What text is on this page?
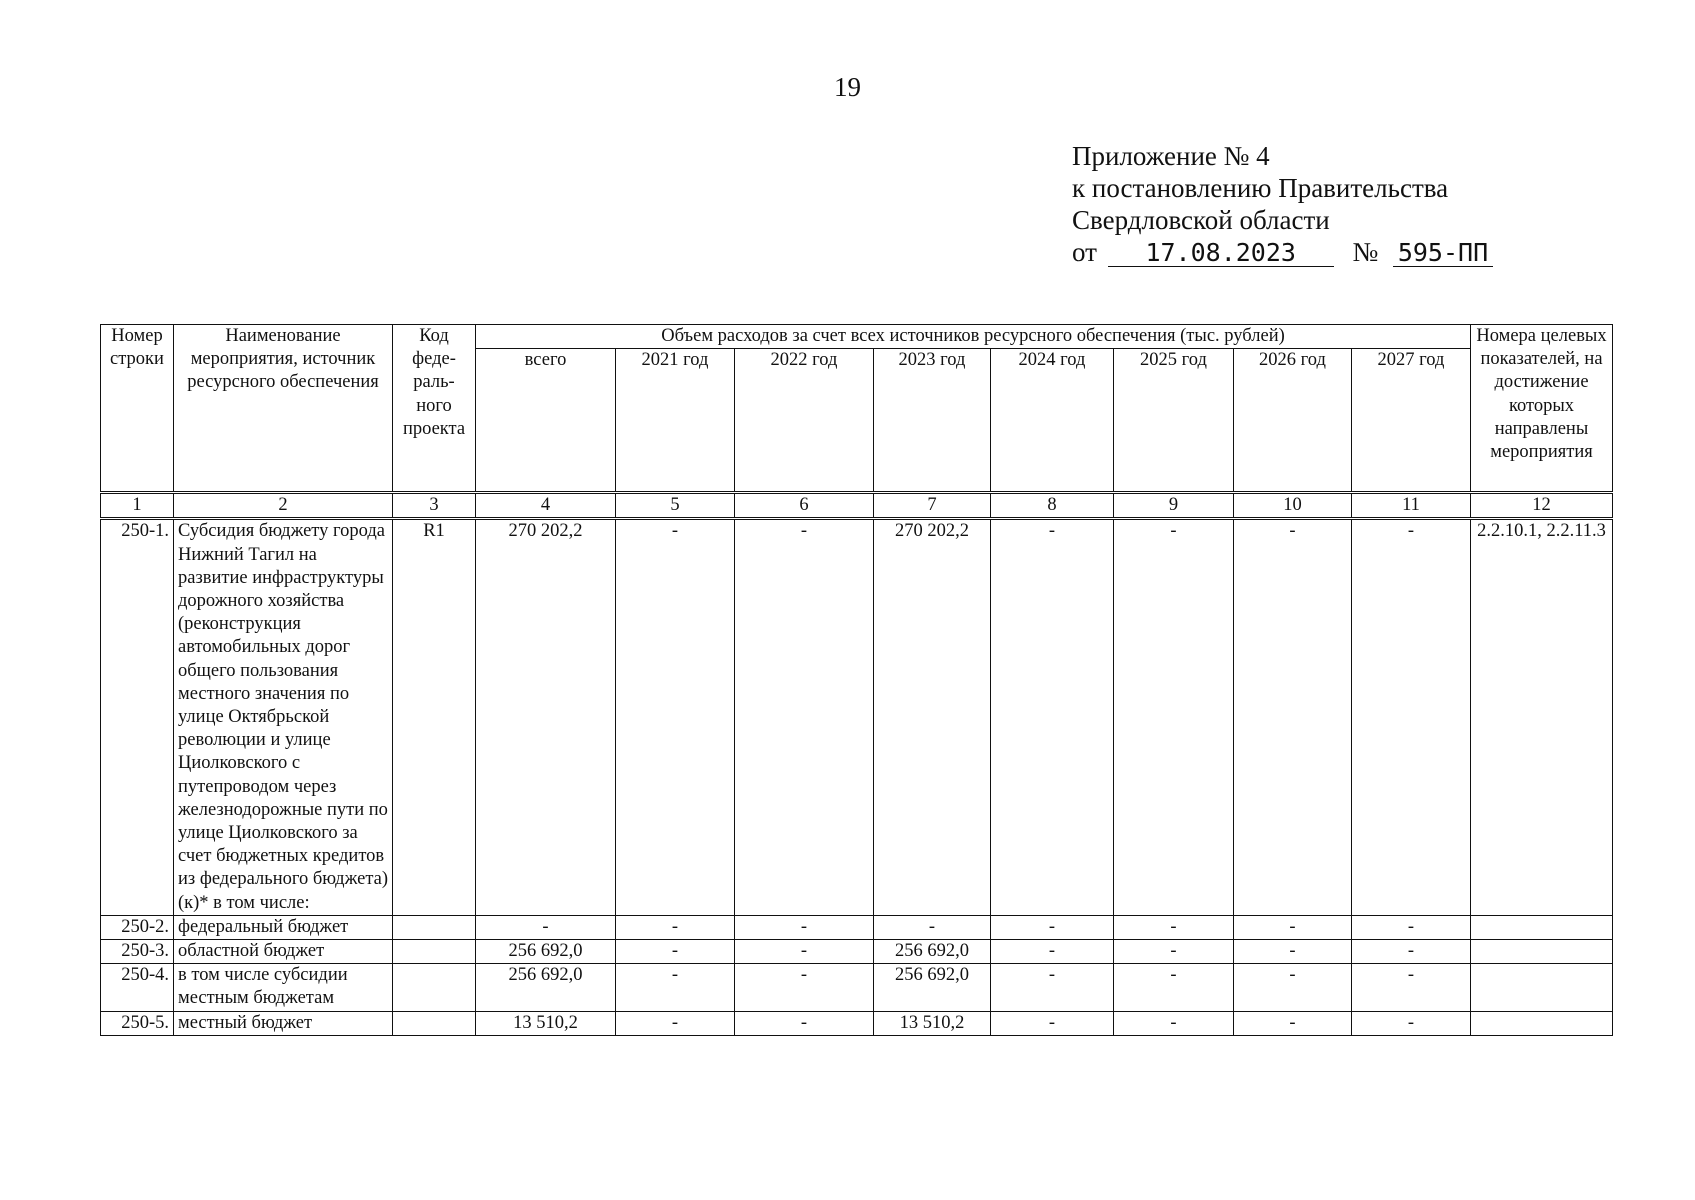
19
Приложение № 4
к постановлению Правительства
Свердловской области
от 17.08.2023 № 595-ПП
Номер строки	Наименование мероприятия, источник ресурсного обеспечения	Код феде-раль-ного проекта	Объем расходов за счет всех источников ресурсного обеспечения (тыс. рублей)								Номера целевых показателей, на достижение которых направлены мероприятия
			всего	2021 год	2022 год	2023 год	2024 год	2025 год	2026 год	2027 год	
1	2	3	4	5	6	7	8	9	10	11	12
250-1.	Субсидия бюджету города Нижний Тагил на развитие инфраструктуры дорожного хозяйства (реконструкция автомобильных дорог общего пользования местного значения по улице Октябрьской революции и улице Циолковского с путепроводом через железнодорожные пути по улице Циолковского за счет бюджетных кредитов из федерального бюджета) (к)* в том числе:	R1	270 202,2	-	-	270 202,2	-	-	-	-	2.2.10.1, 2.2.11.3
250-2.	федеральный бюджет		-	-	-	-	-	-	-	-	
250-3.	областной бюджет		256 692,0	-	-	256 692,0	-	-	-	-	
250-4.	в том числе субсидии местным бюджетам		256 692,0	-	-	256 692,0	-	-	-	-	
250-5.	местный бюджет		13 510,2	-	-	13 510,2	-	-	-	-	
